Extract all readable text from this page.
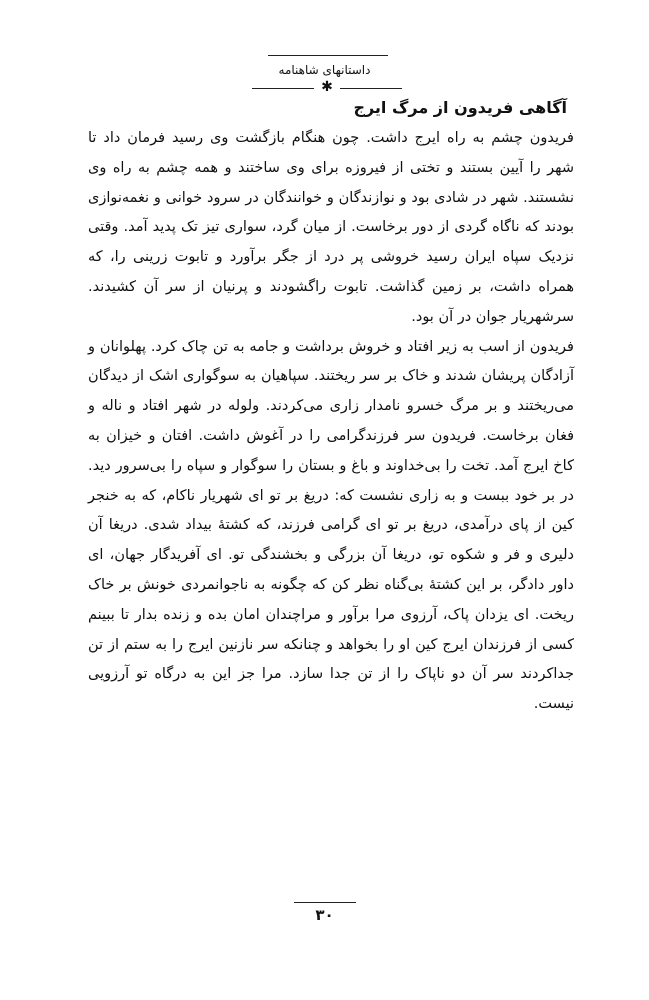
داستانهای شاهنامه
✱
آگاهی فریدون از مرگ ایرج

فریدون چشم به راه ایرج داشت. چون هنگام بازگشت وی رسید فرمان داد تا شهر را آیین بستند و تختی از فیروزه برای وی ساختند و همه چشم به راه وی نشستند. شهر در شادی بود و نوازندگان و خوانندگان در سرود خوانی و نغمه‌نوازی بودند که ناگاه گردی از دور برخاست. از میان گرد، سواری تیز تک پدید آمد. وقتی نزدیک سپاه ایران رسید خروشی پر درد از جگر برآورد و تابوت زرینی را، که همراه داشت، بر زمین گذاشت. تابوت راگشودند و پرنیان از سر آن کشیدند. سرشهریار جوان در آن بود.

فریدون از اسب به زیر افتاد و خروش برداشت و جامه به تن چاک کرد. پهلوانان و آزادگان پریشان شدند و خاک بر سر ریختند. سپاهیان به سوگواری اشک از دیدگان می‌ریختند و بر مرگ خسرو نامدار زاری می‌کردند. ولوله در شهر افتاد و ناله و فغان برخاست. فریدون سر فرزندگرامی را در آغوش داشت. افتان و خیزان به کاخ ایرج آمد. تخت را بی‌خداوند و باغ و بستان را سوگوار و سپاه را بی‌سرور دید. در بر خود ببست و به زاری نشست که: دریغ بر تو ای شهریار ناکام، که به خنجر کین از پای درآمدی، دریغ بر تو ای گرامی فرزند، که کشتهٔ بیداد شدی. دریغا آن دلیری و فر و شکوه تو، دریغا آن بزرگی و بخشندگی تو. ای آفریدگار جهان، ای داور دادگر، بر این کشتهٔ بی‌گناه نظر کن که چگونه به ناجوانمردی خونش بر خاک ریخت. ای یزدان پاک، آرزوی مرا برآور و مراچندان امان بده و زنده بدار تا ببینم کسی از فرزندان ایرج کین او را بخواهد و چنانکه سر نازنین ایرج را به ستم از تن جداکردند سر آن دو ناپاک را از تن جدا سازد. مرا جز این به درگاه تو آرزویی نیست.

۳۰
